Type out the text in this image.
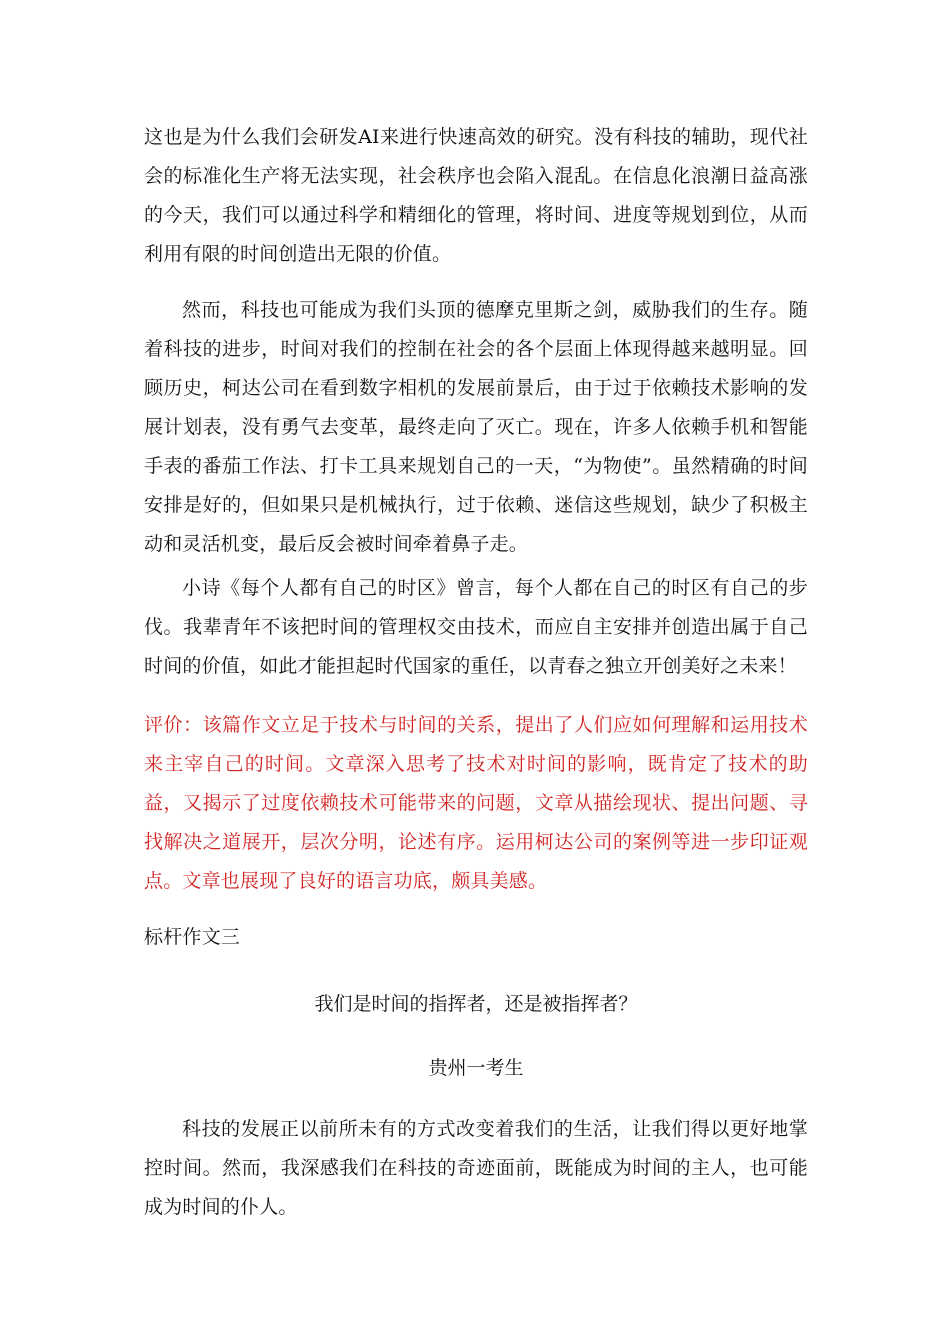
这也是为什么我们会研发AI来进行快速高效的研究。没有科技的辅助，现代社会的标准化生产将无法实现，社会秩序也会陷入混乱。在信息化浪潮日益高涨的今天，我们可以通过科学和精细化的管理，将时间、进度等规划到位，从而利用有限的时间创造出无限的价值。

然而，科技也可能成为我们头顶的德摩克里斯之剑，威胁我们的生存。随着科技的进步，时间对我们的控制在社会的各个层面上体现得越来越明显。回顾历史，柯达公司在看到数字相机的发展前景后，由于过于依赖技术影响的发展计划表，没有勇气去变革，最终走向了灭亡。现在，许多人依赖手机和智能手表的番茄工作法、打卡工具来规划自己的一天，“为物使”。虽然精确的时间安排是好的，但如果只是机械执行，过于依赖、迷信这些规划，缺少了积极主动和灵活机变，最后反会被时间牵着鼻子走。

小诗《每个人都有自己的时区》曾言，每个人都在自己的时区有自己的步伐。我辈青年不该把时间的管理权交由技术，而应自主安排并创造出属于自己时间的价值，如此才能担起时代国家的重任，以青春之独立开创美好之未来！

评价：该篇作文立足于技术与时间的关系，提出了人们应如何理解和运用技术来主宰自己的时间。文章深入思考了技术对时间的影响，既肯定了技术的助益，又揭示了过度依赖技术可能带来的问题，文章从描绘现状、提出问题、寻找解决之道展开，层次分明，论述有序。运用柯达公司的案例等进一步印证观点。文章也展现了良好的语言功底，颇具美感。

标杆作文三

我们是时间的指挥者，还是被指挥者？

贵州一考生

科技的发展正以前所未有的方式改变着我们的生活，让我们得以更好地掌控时间。然而，我深感我们在科技的奇迹面前，既能成为时间的主人，也可能成为时间的仆人。
